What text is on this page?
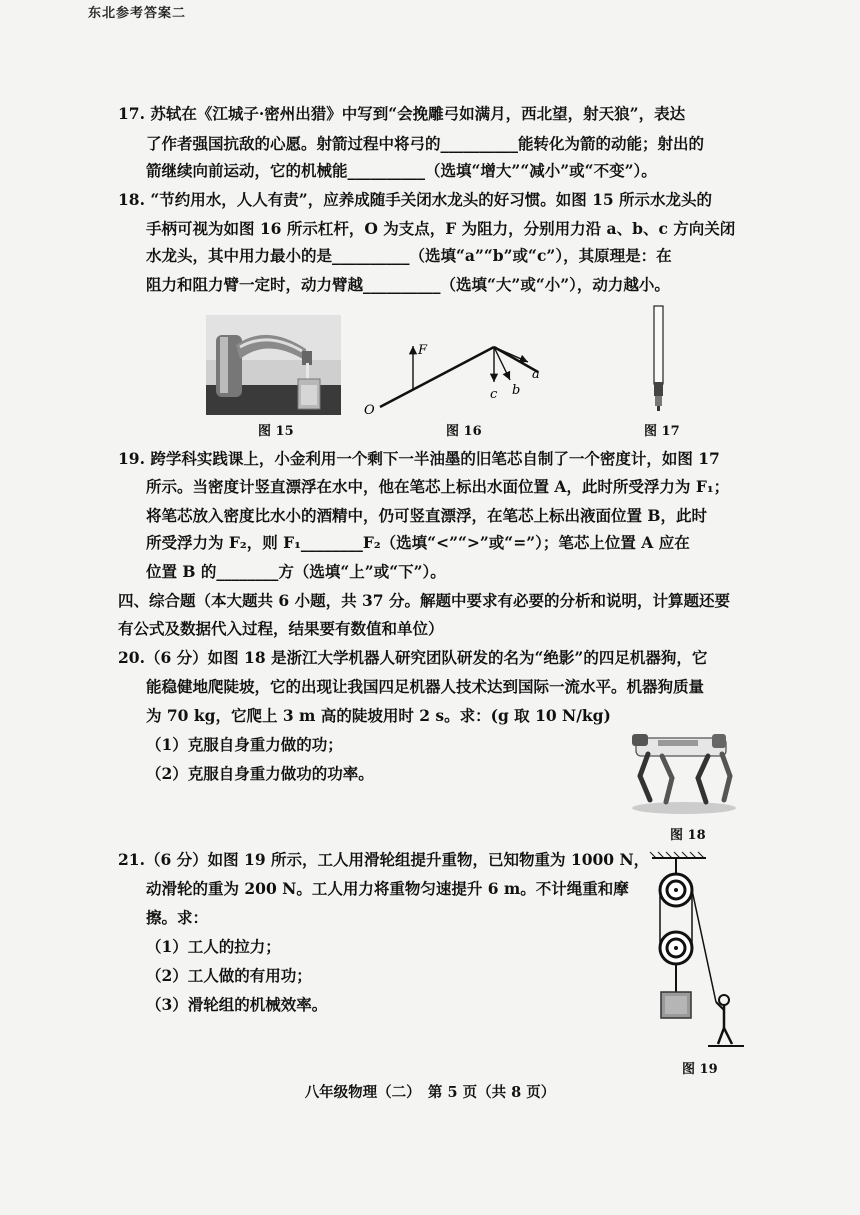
东北参考答案二
17. 苏轼在《江城子·密州出猎》中写到“会挽雕弓如满月，西北望，射天狼”，表达
了作者强国抗敌的心愿。射箭过程中将弓的__________能转化为箭的动能；射出的
箭继续向前运动，它的机械能__________（选填“增大”“减小”或“不变”）。
18. “节约用水，人人有责”，应养成随手关闭水龙头的好习惯。如图 15 所示水龙头的
手柄可视为如图 16 所示杠杆，O 为支点，F 为阻力，分别用力沿 a、b、c 方向关闭
水龙头，其中用力最小的是__________（选填“a”“b”或“c”），其原理是：在
阻力和阻力臂一定时，动力臂越__________（选填“大”或“小”），动力越小。
19. 跨学科实践课上，小金利用一个剩下一半油墨的旧笔芯自制了一个密度计，如图 17
所示。当密度计竖直漂浮在水中，他在笔芯上标出水面位置 A，此时所受浮力为 F₁；
将笔芯放入密度比水小的酒精中，仍可竖直漂浮，在笔芯上标出液面位置 B，此时
所受浮力为 F₂，则 F₁________F₂（选填“<”“>”或“=”）；笔芯上位置 A 应在
位置 B 的________方（选填“上”或“下”）。
四、综合题（本大题共 6 小题，共 37 分。解题中要求有必要的分析和说明，计算题还要
有公式及数据代入过程，结果要有数值和单位）
20.（6 分）如图 18 是浙江大学机器人研究团队研发的名为“绝影”的四足机器狗，它
能稳健地爬陡坡，它的出现让我国四足机器人技术达到国际一流水平。机器狗质量
为 70 kg，它爬上 3 m 高的陡坡用时 2 s。求：(g 取 10 N/kg)
（1）克服自身重力做的功；
（2）克服自身重力做功的功率。
21.（6 分）如图 19 所示，工人用滑轮组提升重物，已知物重为 1000 N，
动滑轮的重为 200 N。工人用力将重物匀速提升 6 m。不计绳重和摩
擦。求：
（1）工人的拉力；
（2）工人做的有用功；
（3）滑轮组的机械效率。
图 15
F
a
b
c
O
图 16	图 17
图 18
图 19
八年级物理（二）　第 5 页（共 8 页）
